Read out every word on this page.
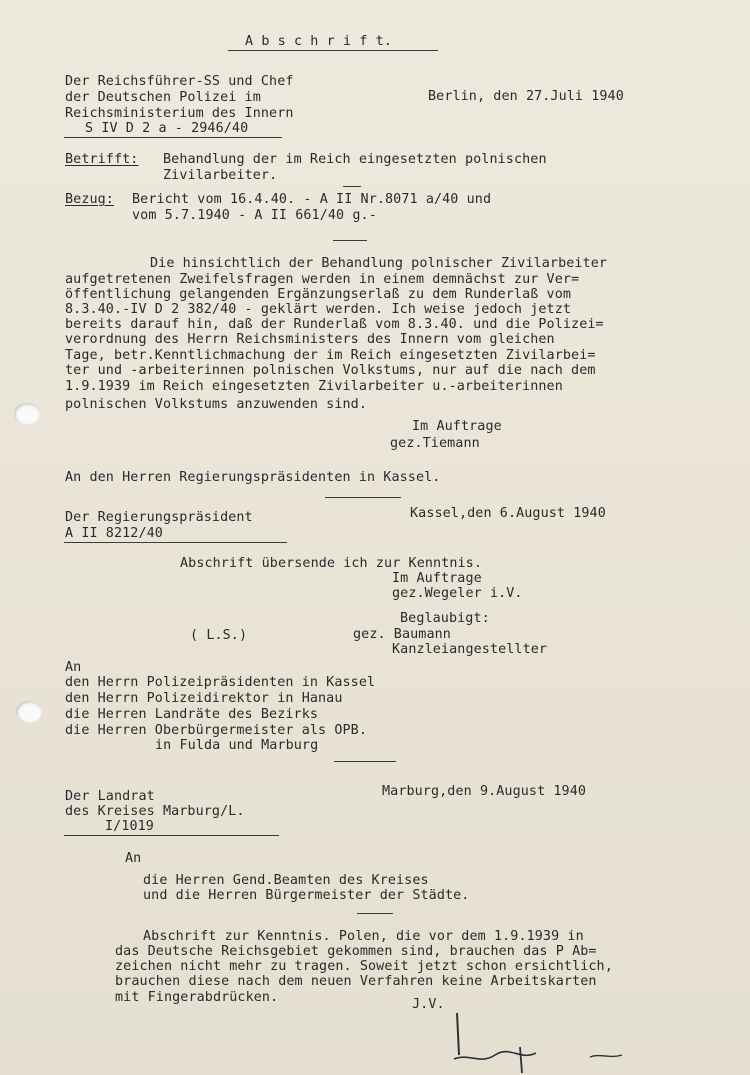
A b s c h r i f t.
Der Reichsführer-SS und Chef
der Deutschen Polizei im
Reichsministerium des Innern
S IV D 2 a - 2946/40
Berlin, den 27.Juli 1940
Betrifft: Behandlung der im Reich eingesetzten polnischen
Zivilarbeiter.
Bezug: Bericht vom 16.4.40. - A II Nr.8071 a/40 und
vom 5.7.1940 - A II 661/40 g.-
Die hinsichtlich der Behandlung polnischer Zivilarbeiter
aufgetretenen Zweifelsfragen werden in einem demnächst zur Ver=
öffentlichung gelangenden Ergänzungserlaß zu dem Runderlaß vom
8.3.40.-IV D 2 382/40 - geklärt werden. Ich weise jedoch jetzt
bereits darauf hin, daß der Runderlaß vom 8.3.40. und die Polizei=
verordnung des Herrn Reichsministers des Innern vom gleichen
Tage, betr.Kenntlichmachung der im Reich eingesetzten Zivilarbei=
ter und -arbeiterinnen polnischen Volkstums, nur auf die nach dem
1.9.1939 im Reich eingesetzten Zivilarbeiter u.-arbeiterinnen
polnischen Volkstums anzuwenden sind.
Im Auftrage
gez.Tiemann
An den Herren Regierungspräsidenten in Kassel.
Der Regierungspräsident
A II 8212/40
Kassel,den 6.August 1940
Abschrift übersende ich zur Kenntnis.
Im Auftrage
gez.Wegeler i.V.
Beglaubigt:
( L.S.)	gez. Baumann
Kanzleiangestellter
An
den Herrn Polizeipräsidenten in Kassel
den Herrn Polizeidirektor in Hanau
die Herren Landräte des Bezirks
die Herren Oberbürgermeister als OPB.
in Fulda und Marburg
Der Landrat
des Kreises Marburg/L.
I/1019
Marburg,den 9.August 1940
An
die Herren Gend.Beamten des Kreises
und die Herren Bürgermeister der Städte.
Abschrift zur Kenntnis. Polen, die vor dem 1.9.1939 in
das Deutsche Reichsgebiet gekommen sind, brauchen das P Ab=
zeichen nicht mehr zu tragen. Soweit jetzt schon ersichtlich,
brauchen diese nach dem neuen Verfahren keine Arbeitskarten
mit Fingerabdrücken.	J.V.
